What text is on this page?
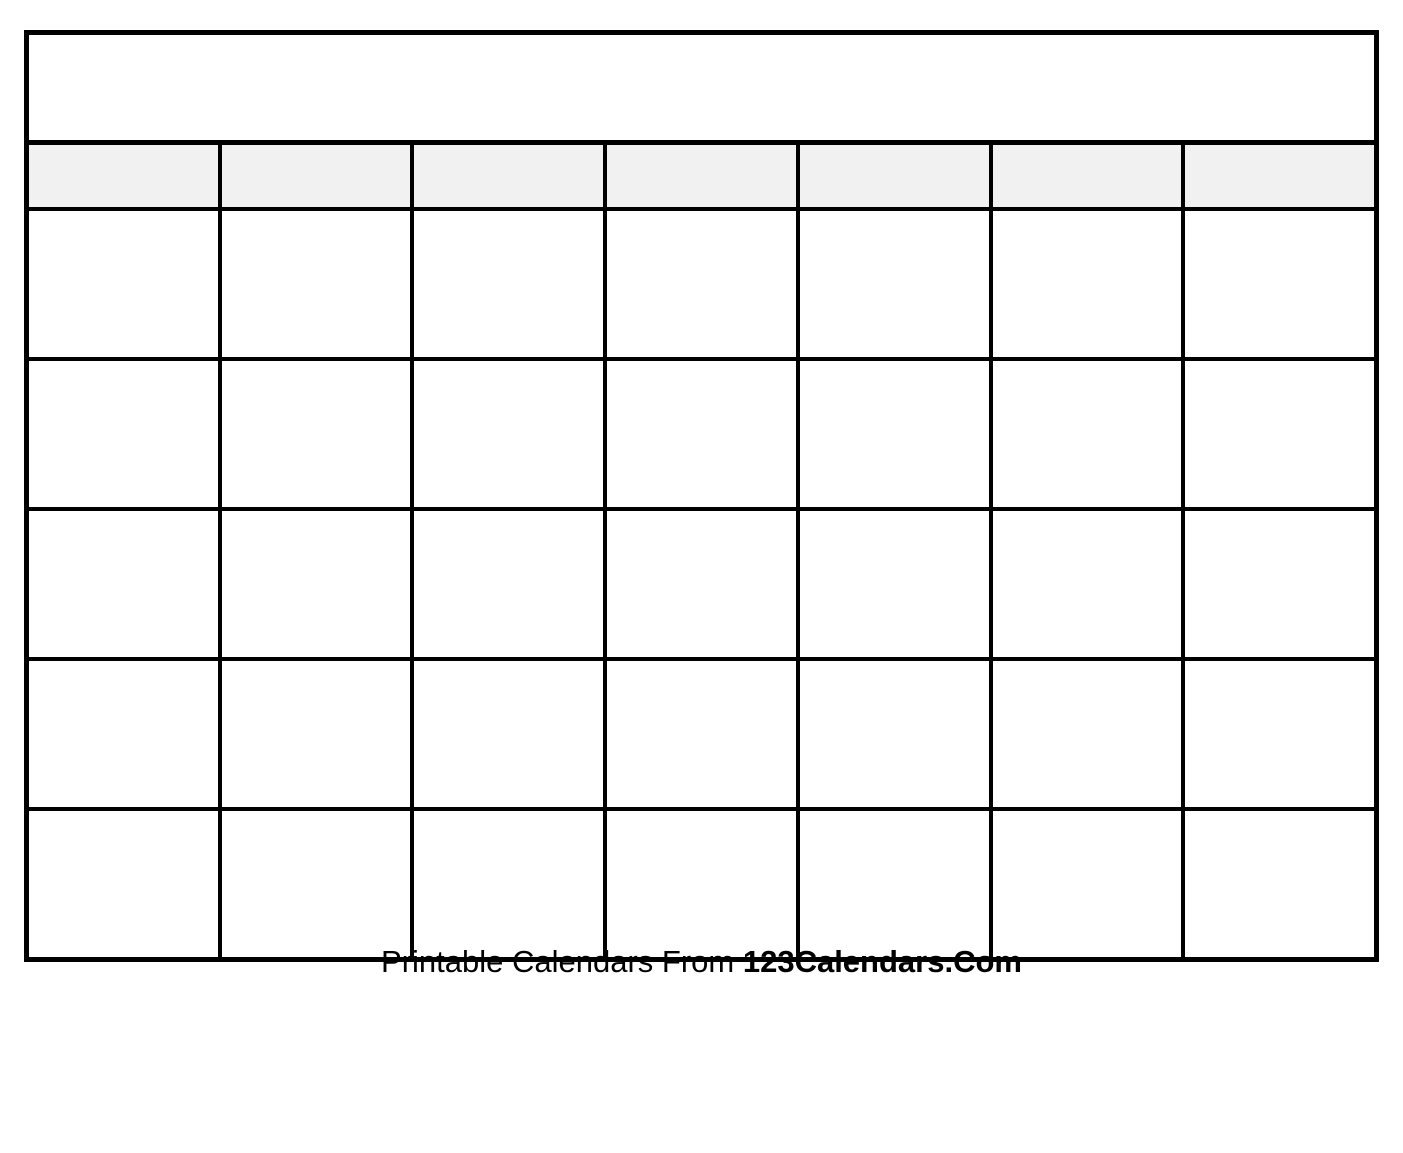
Printable Calendars From 123Calendars.Com
